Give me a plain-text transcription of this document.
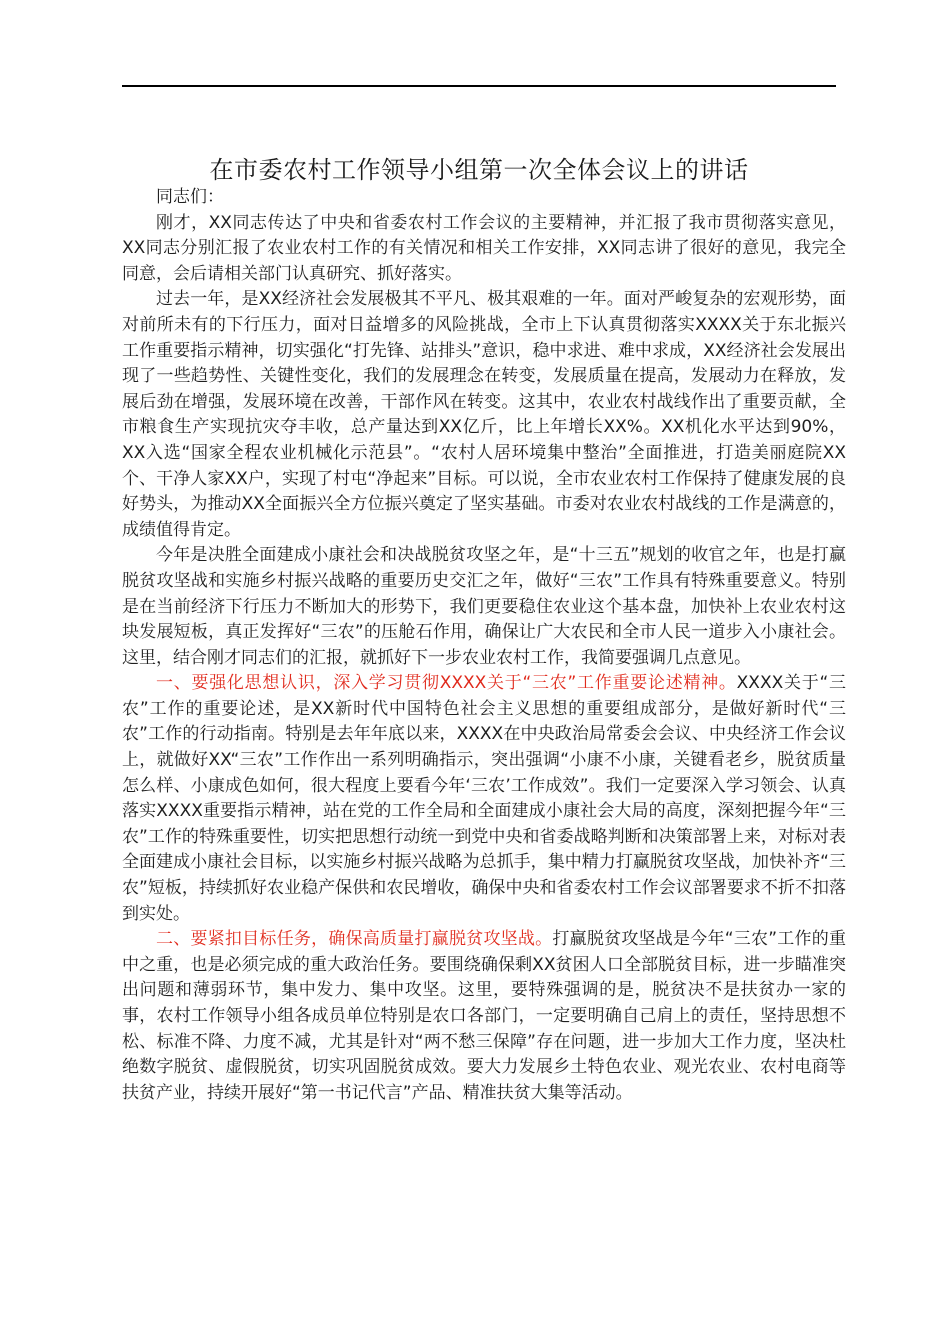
在市委农村工作领导小组第一次全体会议上的讲话

同志们：

刚才，XX同志传达了中央和省委农村工作会议的主要精神，并汇报了我市贯彻落实意见，XX同志分别汇报了农业农村工作的有关情况和相关工作安排，XX同志讲了很好的意见，我完全同意，会后请相关部门认真研究、抓好落实。

过去一年，是XX经济社会发展极其不平凡、极其艰难的一年。面对严峻复杂的宏观形势，面对前所未有的下行压力，面对日益增多的风险挑战，全市上下认真贯彻落实XXXX关于东北振兴工作重要指示精神，切实强化“打先锋、站排头”意识，稳中求进、难中求成，XX经济社会发展出现了一些趋势性、关键性变化，我们的发展理念在转变，发展质量在提高，发展动力在释放，发展后劲在增强，发展环境在改善，干部作风在转变。这其中，农业农村战线作出了重要贡献，全市粮食生产实现抗灾夺丰收，总产量达到XX亿斤，比上年增长XX%。XX机化水平达到90%，XX入选“国家全程农业机械化示范县”。“农村人居环境集中整治”全面推进，打造美丽庭院XX个、干净人家XX户，实现了村屯“净起来”目标。可以说，全市农业农村工作保持了健康发展的良好势头，为推动XX全面振兴全方位振兴奠定了坚实基础。市委对农业农村战线的工作是满意的，成绩值得肯定。

今年是决胜全面建成小康社会和决战脱贫攻坚之年，是“十三五”规划的收官之年，也是打赢脱贫攻坚战和实施乡村振兴战略的重要历史交汇之年，做好“三农”工作具有特殊重要意义。特别是在当前经济下行压力不断加大的形势下，我们更要稳住农业这个基本盘，加快补上农业农村这块发展短板，真正发挥好“三农”的压舱石作用，确保让广大农民和全市人民一道步入小康社会。这里，结合刚才同志们的汇报，就抓好下一步农业农村工作，我简要强调几点意见。

一、要强化思想认识，深入学习贯彻XXXX关于“三农”工作重要论述精神。XXXX关于“三农”工作的重要论述，是XX新时代中国特色社会主义思想的重要组成部分，是做好新时代“三农”工作的行动指南。特别是去年年底以来，XXXX在中央政治局常委会会议、中央经济工作会议上，就做好XX“三农”工作作出一系列明确指示，突出强调“小康不小康，关键看老乡，脱贫质量怎么样、小康成色如何，很大程度上要看今年‘三农’工作成效”。我们一定要深入学习领会、认真落实XXXX重要指示精神，站在党的工作全局和全面建成小康社会大局的高度，深刻把握今年“三农”工作的特殊重要性，切实把思想行动统一到党中央和省委战略判断和决策部署上来，对标对表全面建成小康社会目标，以实施乡村振兴战略为总抓手，集中精力打赢脱贫攻坚战，加快补齐“三农”短板，持续抓好农业稳产保供和农民增收，确保中央和省委农村工作会议部署要求不折不扣落到实处。

二、要紧扣目标任务，确保高质量打赢脱贫攻坚战。打赢脱贫攻坚战是今年“三农”工作的重中之重，也是必须完成的重大政治任务。要围绕确保剩XX贫困人口全部脱贫目标，进一步瞄准突出问题和薄弱环节，集中发力、集中攻坚。这里，要特殊强调的是，脱贫决不是扶贫办一家的事，农村工作领导小组各成员单位特别是农口各部门，一定要明确自己肩上的责任，坚持思想不松、标准不降、力度不减，尤其是针对“两不愁三保障”存在问题，进一步加大工作力度，坚决杜绝数字脱贫、虚假脱贫，切实巩固脱贫成效。要大力发展乡土特色农业、观光农业、农村电商等扶贫产业，持续开展好“第一书记代言”产品、精准扶贫大集等活动。
